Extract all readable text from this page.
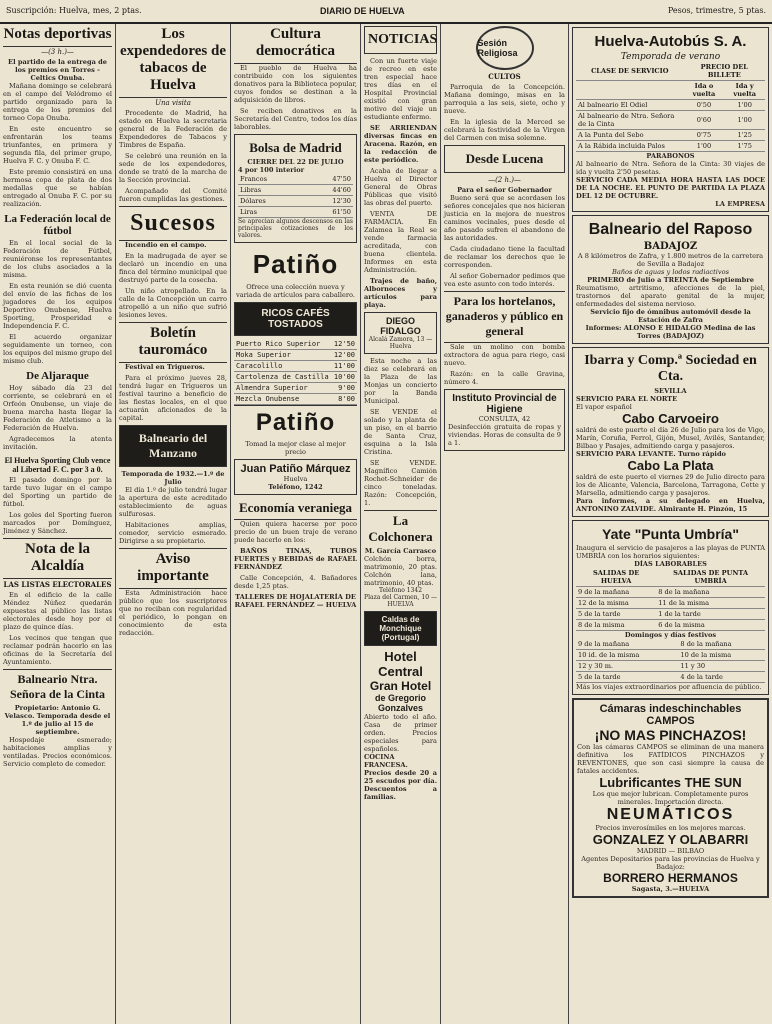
Suscripción: Huelva, mes, 2 ptas.	DIARIO DE HUELVA	Pesos, trimestre, 5 ptas.
Notas deportivas
—(3 h.)—
El partido de la entrega de los premios en Torres - Celtics Onuba.

Mañana domingo se celebrará en el campo del Velódromo el partido organizado para la entrega de los premios del torneo Copa Onuba.

En este encuentro se enfrentarán los teams triunfantes, en primera y segunda fila, del primer grupo, Huelva F. C. y Onuba F. C.

Este premio consistirá en una hermosa copa de plata de dos medallas que se habían entregado al Onuba F. C. por su realización.

La Federación local de fútbol

En el local social de la Federación de Fútbol, reuniéronse los representantes de los clubs asociados a la misma.

En esta reunión se dió cuenta del envío de las fichas de los jugadores de los equipos Deportivo Onubense, Huelva Sporting, Prosperidad e Independencia F. C.

El acuerdo organizar seguidamente un torneo, con los equipos del mismo grupo del mismo club.

De Aljaraque

Hoy sábado día 23 del corriente, se celebrará en el Orfeón Onubense, un viaje de buena marcha hasta llegar la Federación de Atletismo a la Federación de Huelva.

Agradecemos la atenta invitación.

El Huelva Sporting Club vence al Libertad F. C. por 3 a 0.

El pasado domingo por la tarde tuvo lugar en el campo del Sporting un partido de fútbol.

Los goles del Sporting fueron marcados por Domínguez, Jiménez y Sánchez.

Nota de la Alcaldía
LAS LISTAS ELECTORALES

En el edificio de la calle Méndez Núñez quedarán expuestas al público las listas electorales desde hoy por el plazo de quince días.

Los vecinos que tengan que reclamar podrán hacerlo en las oficinas de la Secretaría del Ayuntamiento.

Balneario Ntra. Señora de la Cinta
Propietario: Antonio G. Velasco. Temporada desde el 1.º de julio al 15 de septiembre.

Hospedaje esmerado; habitaciones amplias y ventiladas. Precios económicos. Servicio completo de comedor.

Los expendedores de tabacos de Huelva
Una visita

Procedente de Madrid, ha estado en Huelva la secretaria general de la Federación de Expendedores de Tabacos y Timbres de España.

Se celebró una reunión en la sede de los expendedores, donde se trató de la marcha de la Sección provincial.

Acompañado del Comité fueron cumplidas las gestiones.

Sucesos

Incendio en el campo.

En la madrugada de ayer se declaró un incendio en una finca del término municipal que destruyó parte de la cosecha.

Un niño atropellado. En la calle de la Concepción un carro atropelló a un niño que sufrió lesiones leves.

Boletín tauromáco

Festival en Trigueros.

Para el próximo jueves 28, tendrá lugar en Trigueros un festival taurino a beneficio de las fiestas locales, en el que actuarán aficionados de la capital.

Balneario del Manzano
Temporada de 1932.—1.º de Julio

El día 1.º de julio tendrá lugar la apertura de este acreditado establecimiento de aguas sulfurosas.

Habitaciones amplias, comedor, servicio esmerado. Dirigirse a su propietario.

Aviso importante

Esta Administración hace público que los suscriptores que no reciban con regularidad el periódico, lo pongan en conocimiento de esta redacción.

Cultura democrática

El pueblo de Huelva ha contribuido con los siguientes donativos para la Biblioteca popular, cuyos fondos se destinan a la adquisición de libros.

Se reciben donativos en la Secretaría del Centro, todos los días laborables.

Bolsa de Madrid
CIERRE DEL 22 DE JULIO
4 por 100 interior
Francos	47'50
Libras	44'60
Dólares	12'30
Liras	61'50
Se aprecian algunos descensos en las principales cotizaciones de los valores.
Patiño
Ofrece una colección nueva y variada de artículos para caballero.
RICOS CAFÉS TOSTADOS
Puerto Rico Superior	12'50
Moka Superior	12'00
Caracolillo	11'00
Cartolenza de Castilla	10'00
Almendra Superior	9'00
Mezcla Onubense	8'00
Patiño
Tomad la mejor clase al mejor precio
Juan Patiño Márquez
Huelva
Teléfono, 1242
Economía veraniega

Quien quiera hacerse por poco precio de un buen traje de verano puede hacerlo en los:

BAÑOS TINAS, TUBOS FUERTES y BEBIDAS de RAFAEL FERNÁNDEZ

Calle Concepción, 4. Bañadores desde 1,25 ptas.

TALLERES DE HOJALATERÍA DE RAFAEL FERNÁNDEZ — HUELVA
NOTICIAS

Con un fuerte viaje de recreo en este tren especial hace tres días en el Hospital Provincial existió con gran motivo del viaje un estudiante enfermo.

SE ARRIENDAN diversas fincas en Aracena. Razón, en la redacción de este periódico.

Acaba de llegar a Huelva el Director General de Obras Públicas que visitó las obras del puerto.

VENTA DE FARMACIA. En Zalamea la Real se vende farmacia acreditada, con buena clientela. Informes en esta Administración.

Trajes de baño, Albornoces y artículos para playa.

DIEGO FIDALGO
Alcalá Zamora, 13 — Huelva

Esta noche a las diez se celebrará en la Plaza de las Monjas un concierto por la Banda Municipal.

SE VENDE el solado y la planta de un piso, en el barrio de Santa Cruz, esquina a la Isla Cristina.

SE VENDE. Magnífico Camión Rochet-Schneider de cinco toneladas. Razón: Concepción, 1.

La Colchonera
M. García Carrasco
Colchón borra, matrimonio, 20 ptas. Colchón lana, matrimonio, 40 ptas.
Teléfono 1342
Plaza del Carmen, 10 — HUELVA
Caldas de Monchique (Portugal)
Hotel Central
Gran Hotel
de Gregorio Gonzalves
Abierto todo el año. Casa de primer orden. Precios especiales para españoles.
COCINA FRANCESA. Precios desde 20 a 25 escudos por día. Descuentos a familias.
Sesión Religiosa
CULTOS

Parroquia de la Concepción. Mañana domingo, misas en la parroquia a las seis, siete, ocho y nueve.

En la iglesia de la Merced se celebrará la festividad de la Virgen del Carmen con misa solemne.

Desde Lucena
—(2 h.)—
Para el señor Gobernador

Bueno será que se acordasen los señores concejales que nos hicieran justicia en la mejora de nuestros caminos vecinales, pues desde el año pasado sufren el abandono de las autoridades.

Cada ciudadano tiene la facultad de reclamar los derechos que le corresponden.

Al señor Gobernador pedimos que vea este asunto con todo interés.

Para los hortelanos, ganaderos y público en general

Sale un molino con bomba extractora de agua para riego, casi nuevo.

Razón: en la calle Gravina, número 4.

Instituto Provincial de Higiene
CONSULTA, 42
Desinfección gratuita de ropas y viviendas. Horas de consulta de 9 a 1.
Huelva-Autobús S. A.
Temporada de verano
CLASE DE SERVICIO	PRECIO DEL BILLETE	
	Ida o vuelta	Ida y vuelta
Al balneario El Odiel	0'50	1'00
Al balneario de Ntra. Señora de la Cinta	0'60	1'00
A la Punta del Sebo	0'75	1'25
A la Rábida incluida Palos	1'00	1'75
PARABONOS
Al balneario de Ntra. Señora de la Cinta: 30 viajes de ida y vuelta 2'50 pesetas.
SERVICIO CADA MEDIA HORA HASTA LAS DOCE DE LA NOCHE. EL PUNTO DE PARTIDA LA PLAZA DEL 12 DE OCTUBRE.
LA EMPRESA
Balneario del Raposo
BADAJOZ
A 8 kilómetros de Zafra, y 1.800 metros de la carretera de Sevilla a Badajoz
Baños de aguas y lodos radiactivos
PRIMERO de Julio a TREINTA de Septiembre
Reumatismo, artritismo, afecciones de la piel, trastornos del aparato genital de la mujer, enfermedades del sistema nervioso.
Servicio fijo de ómnibus automóvil desde la Estación de Zafra
Informes: ALONSO E HIDALGO Medina de las Torres (BADAJOZ)
Ibarra y Comp.ª Sociedad en Cta.
SEVILLA
SERVICIO PARA EL NORTE
El vapor español
Cabo Carvoeiro
saldrá de este puerto el día 26 de Julio para los de Vigo, Marín, Coruña, Ferrol, Gijón, Musel, Avilés, Santander, Bilbao y Pasajes, admitiendo carga y pasajeros.
SERVICIO PARA LEVANTE. Turno rápido
Cabo La Plata
saldrá de este puerto el viernes 29 de Julio directo para los de Alicante, Valencia, Barcelona, Tarragona, Cette y Marsella, admitiendo carga y pasajeros.
Para informes, a su delegado en Huelva, ANTONINO ZALVIDE. Almirante H. Pinzón, 15
Yate "Punta Umbría"
Inaugura el servicio de pasajeros a las playas de PUNTA UMBRÍA con los horarios siguientes:
DÍAS LABORABLES
SALIDAS DE HUELVA	SALIDAS DE PUNTA UMBRÍA
9 de la mañana	8 de la mañana
12 de la misma	11 de la misma
5 de la tarde	1 de la tarde
8 de la misma	6 de la misma
Domingos y días festivos
9 de la mañana	8 de la mañana
10 id. de la misma	10 de la misma
12 y 30 m.	11 y 30
5 de la tarde	4 de la tarde
Más los viajes extraordinarios por afluencia de público.
Cámaras indeschinchables CAMPOS
¡NO MAS PINCHAZOS!
Con las cámaras CAMPOS se eliminan de una manera definitiva los FATÍDICOS PINCHAZOS y REVENTONES, que son casi siempre la causa de fatales accidentes.
Lubrificantes THE SUN
Los que mejor lubrican. Completamente puros minerales. Importación directa.
NEUMÁTICOS
Precios inverosímiles en los mejores marcas.
GONZALEZ Y OLABARRI
MADRID — BILBAO
Agentes Depositarios para las provincias de Huelva y Badajoz:
BORRERO HERMANOS
Sagasta, 3.—HUELVA
